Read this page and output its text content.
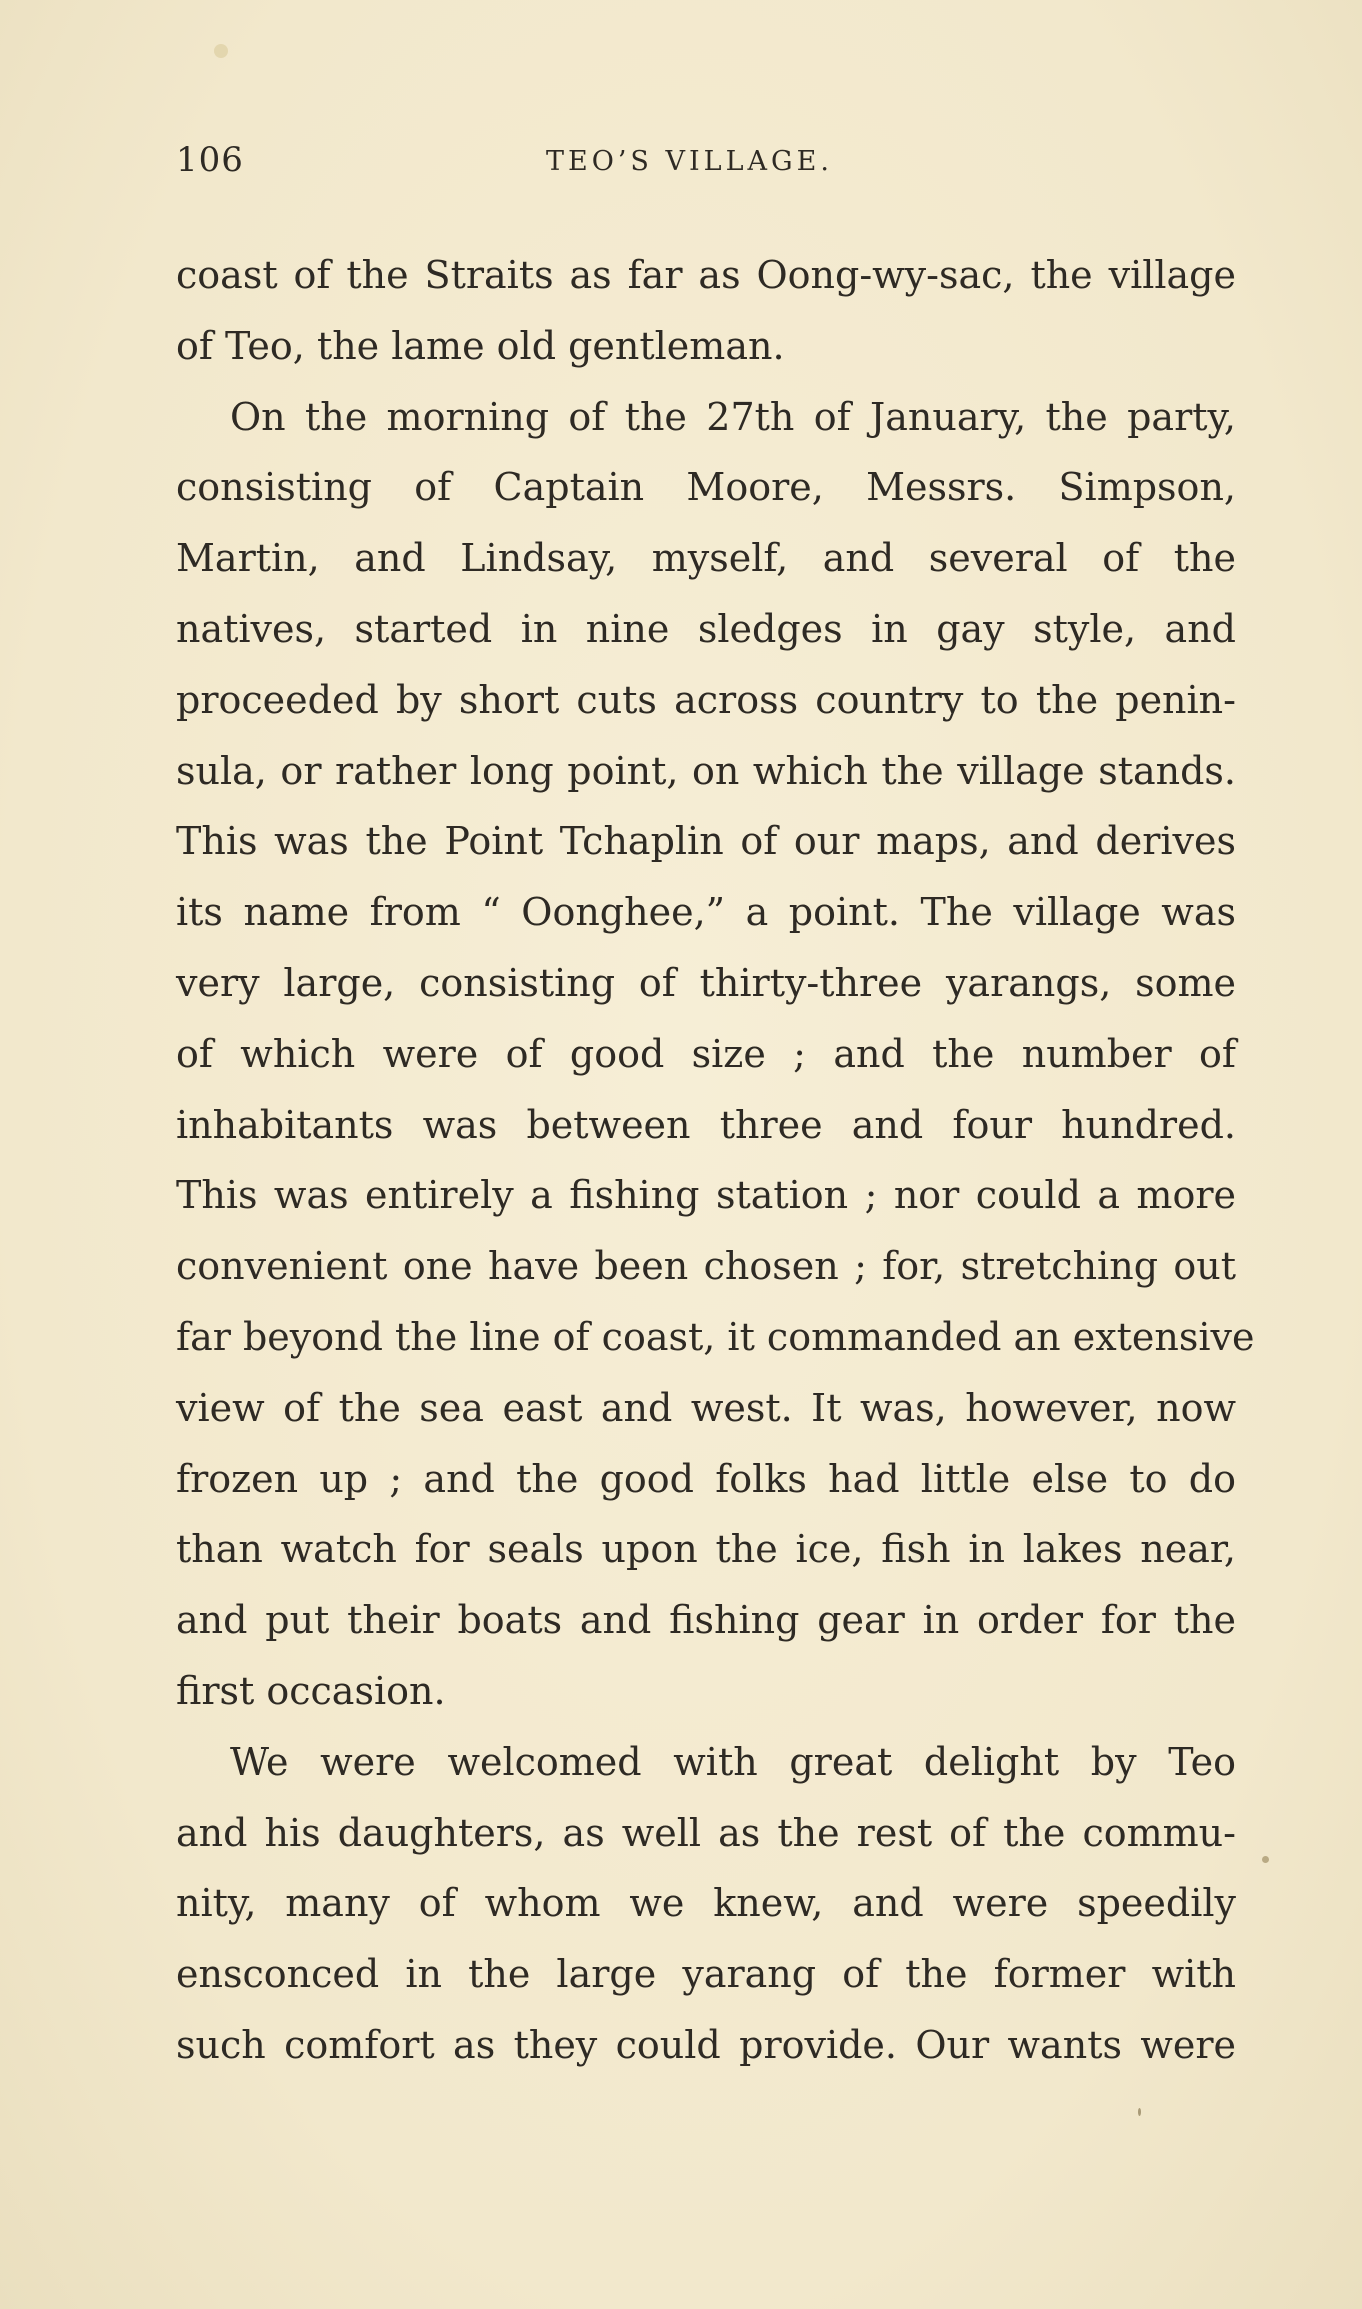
106	TEO’S VILLAGE.

coast of the Straits as far as Oong-wy-sac, the village

of Teo, the lame old gentleman.

On the morning of the 27th of January, the party,

consisting of Captain Moore, Messrs. Simpson,

Martin, and Lindsay, myself, and several of the

natives, started in nine sledges in gay style, and

proceeded by short cuts across country to the penin-

sula, or rather long point, on which the village stands.

This was the Point Tchaplin of our maps, and derives

its name from “ Oonghee,” a point. The village was

very large, consisting of thirty-three yarangs, some

of which were of good size ; and the number of

inhabitants was between three and four hundred.

This was entirely a fishing station ; nor could a more

convenient one have been chosen ; for, stretching out

far beyond the line of coast, it commanded an extensive

view of the sea east and west. It was, however, now

frozen up ; and the good folks had little else to do

than watch for seals upon the ice, fish in lakes near,

and put their boats and fishing gear in order for the

first occasion.

We were welcomed with great delight by Teo

and his daughters, as well as the rest of the commu-

nity, many of whom we knew, and were speedily

ensconced in the large yarang of the former with

such comfort as they could provide. Our wants were
